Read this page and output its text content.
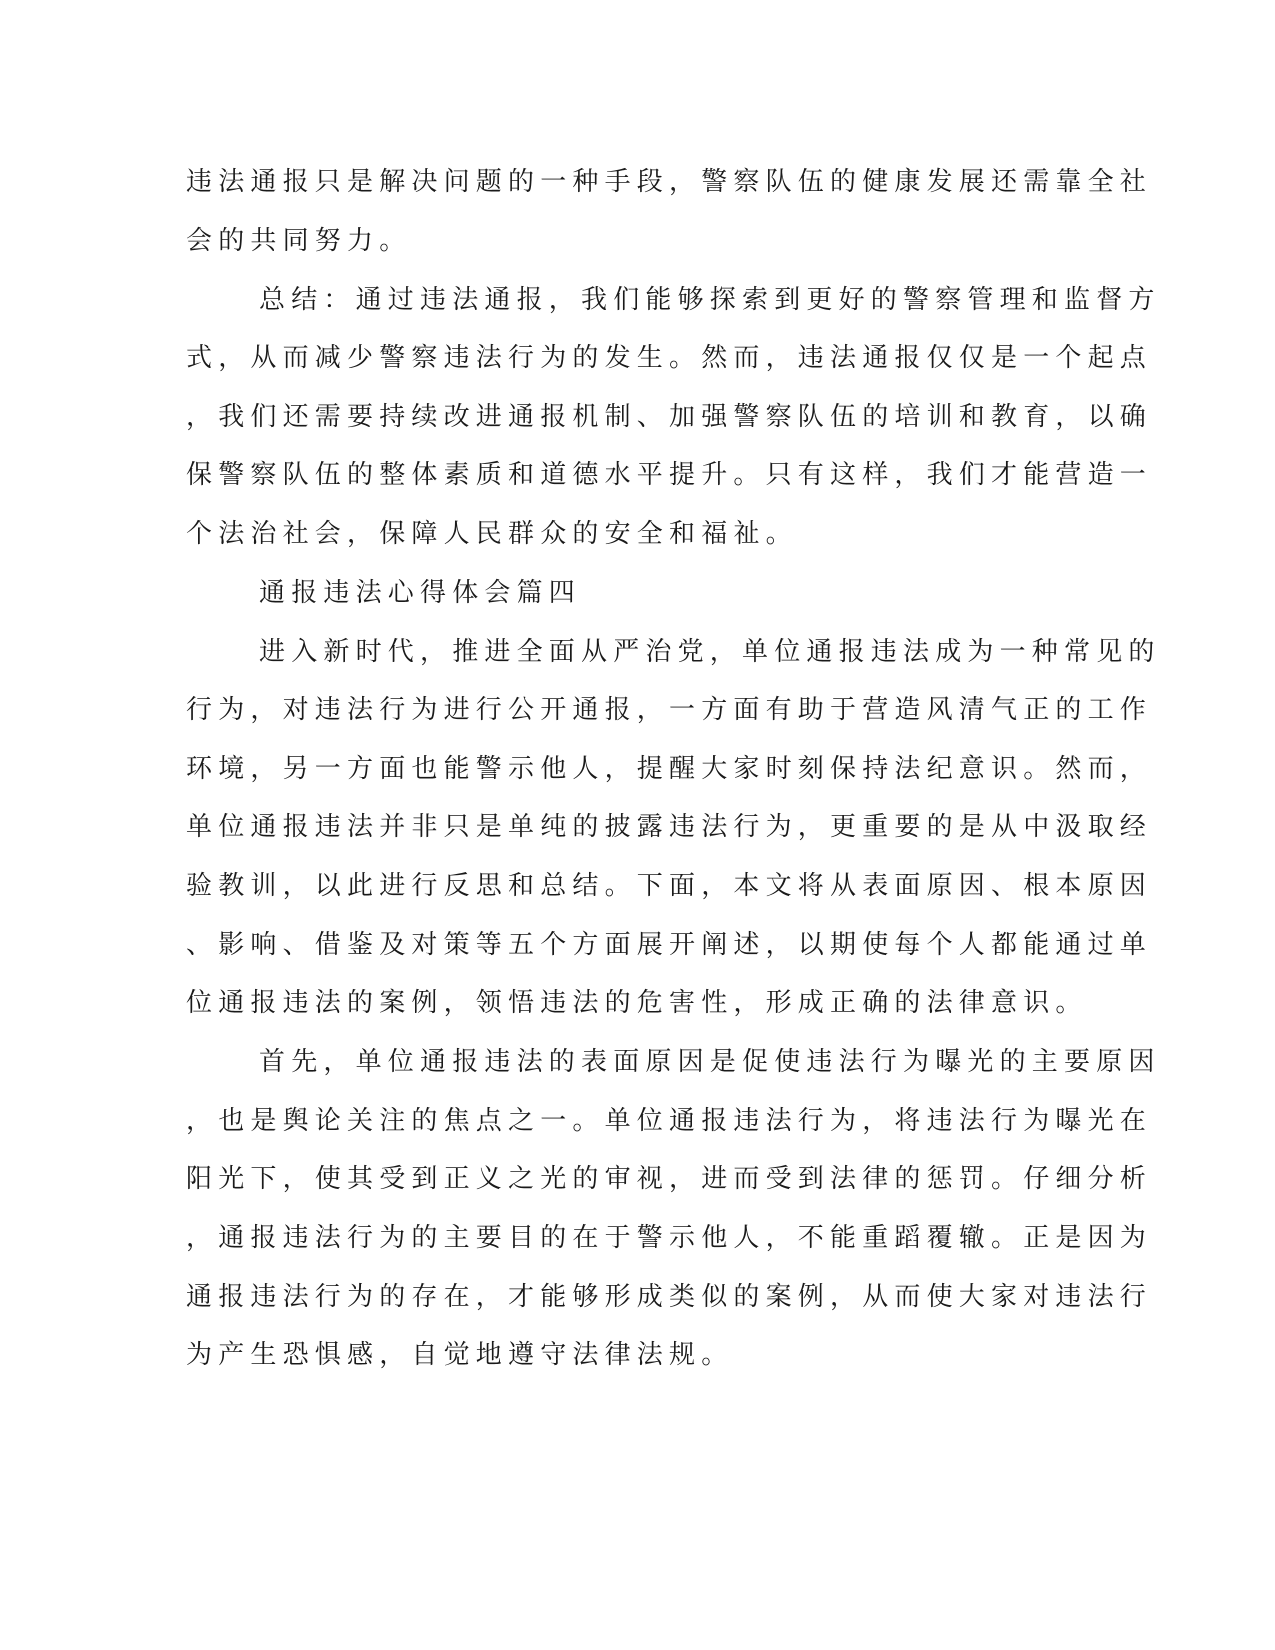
违法通报只是解决问题的一种手段，警察队伍的健康发展还需靠全社

会的共同努力。

总结：通过违法通报，我们能够探索到更好的警察管理和监督方

式，从而减少警察违法行为的发生。然而，违法通报仅仅是一个起点

，我们还需要持续改进通报机制、加强警察队伍的培训和教育，以确

保警察队伍的整体素质和道德水平提升。只有这样，我们才能营造一

个法治社会，保障人民群众的安全和福祉。

通报违法心得体会篇四

进入新时代，推进全面从严治党，单位通报违法成为一种常见的

行为，对违法行为进行公开通报，一方面有助于营造风清气正的工作

环境，另一方面也能警示他人，提醒大家时刻保持法纪意识。然而，

单位通报违法并非只是单纯的披露违法行为，更重要的是从中汲取经

验教训，以此进行反思和总结。下面，本文将从表面原因、根本原因

、影响、借鉴及对策等五个方面展开阐述，以期使每个人都能通过单

位通报违法的案例，领悟违法的危害性，形成正确的法律意识。

首先，单位通报违法的表面原因是促使违法行为曝光的主要原因

，也是舆论关注的焦点之一。单位通报违法行为，将违法行为曝光在

阳光下，使其受到正义之光的审视，进而受到法律的惩罚。仔细分析

，通报违法行为的主要目的在于警示他人，不能重蹈覆辙。正是因为

通报违法行为的存在，才能够形成类似的案例，从而使大家对违法行

为产生恐惧感，自觉地遵守法律法规。
